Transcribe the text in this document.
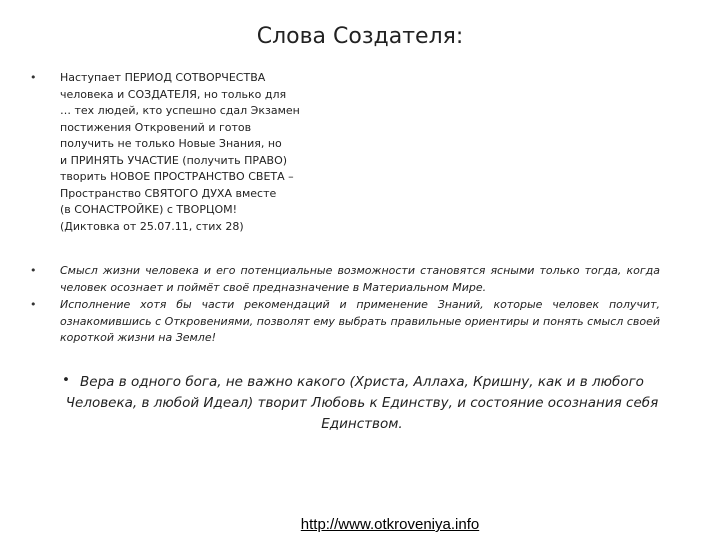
Слова Создателя:
• Наступает ПЕРИОД СОТВОРЧЕСТВА
человека и СОЗДАТЕЛЯ, но только для
… тех людей, кто успешно сдал Экзамен
постижения Откровений и готов
получить не только Новые Знания, но
и ПРИНЯТЬ УЧАСТИЕ (получить ПРАВО)
творить НОВОЕ ПРОСТРАНСТВО СВЕТА –
Пространство СВЯТОГО ДУХА вместе
(в СОНАСТРОЙКЕ) с ТВОРЦОМ!
(Диктовка от 25.07.11, стих 28)
• Смысл жизни человека и его потенциальные возможности становятся ясными только тогда, когда человек осознает и поймёт своё предназначение в Материальном Мире.
• Исполнение хотя бы части рекомендаций и применение Знаний, которые человек получит, ознакомившись с Откровениями, позволят ему выбрать правильные ориентиры и понять смысл своей короткой жизни на Земле!
• Вера в одного бога, не важно какого (Христа, Аллаха, Кришну, как и в любого Человека, в любой Идеал) творит Любовь к Единству, и состояние осознания себя Единством.
http://www.otkroveniya.info
